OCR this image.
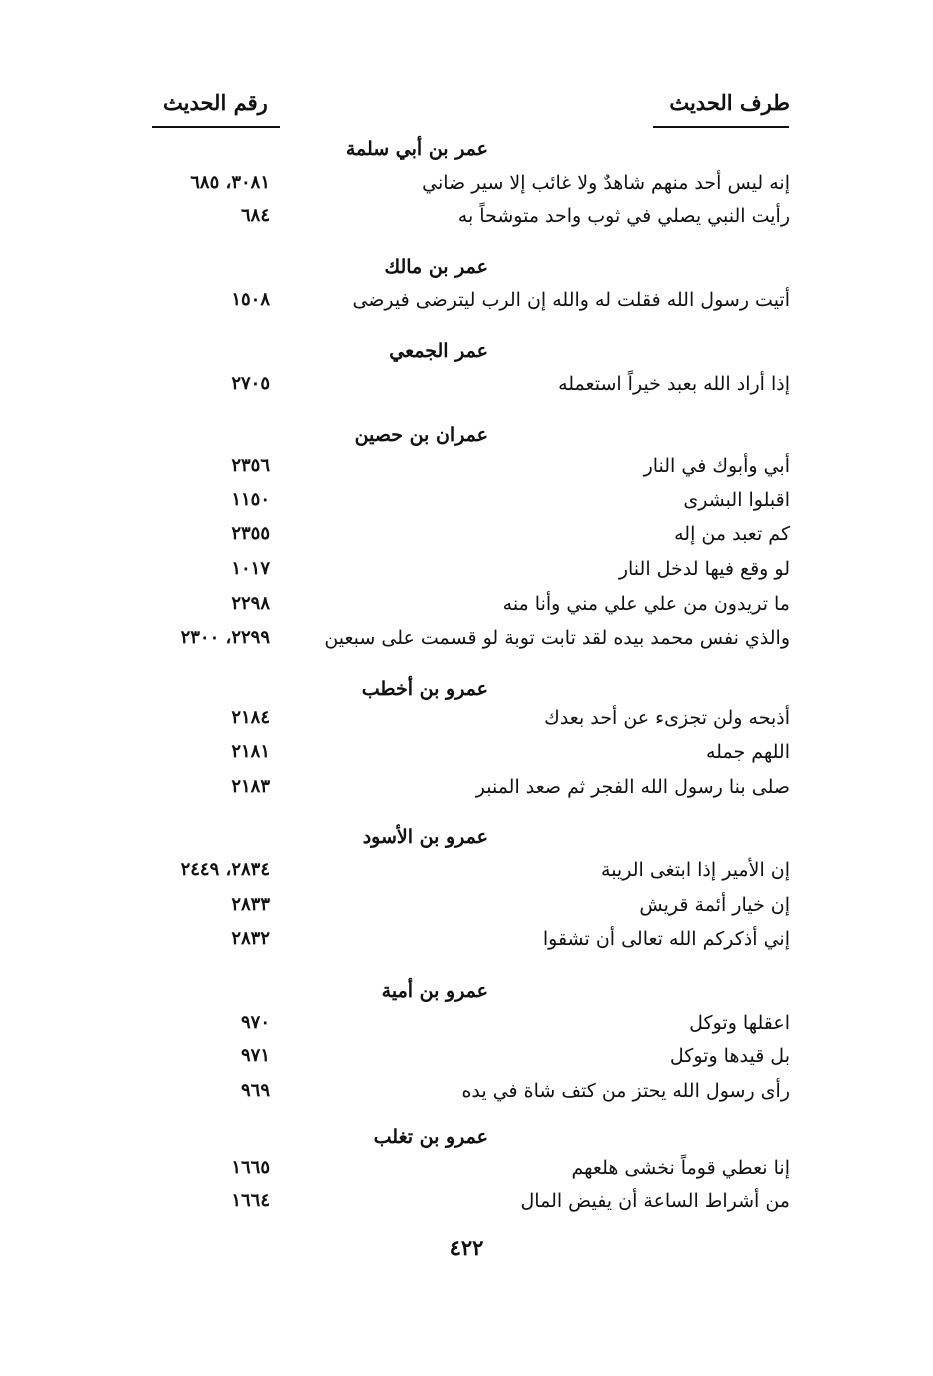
طرف الحديث
رقم الحديث
عمر بن أبي سلمة
إنه ليس أحد منهم شاهدٌ ولا غائب إلا سير ضاني
٣٠٨١، ٦٨٥
رأيت النبي يصلي في ثوب واحد متوشحاً به
٦٨٤
عمر بن مالك
أتيت رسول الله فقلت له والله إن الرب ليترضى فيرضى
١٥٠٨
عمر الجمعي
إذا أراد الله بعبد خيراً استعمله
٢٧٠٥
عمران بن حصين
أبي وأبوك في النار
٢٣٥٦
اقبلوا البشرى
١١٥٠
كم تعبد من إله
٢٣٥٥
لو وقع فيها لدخل النار
١٠١٧
ما تريدون من علي علي مني وأنا منه
٢٢٩٨
والذي نفس محمد بيده لقد تابت توبة لو قسمت على سبعين
٢٢٩٩، ٢٣٠٠
عمرو بن أخطب
أذبحه ولن تجزىء عن أحد بعدك
٢١٨٤
اللهم جمله
٢١٨١
صلى بنا رسول الله الفجر ثم صعد المنبر
٢١٨٣
عمرو بن الأسود
إن الأمير إذا ابتغى الريبة
٢٨٣٤، ٢٤٤٩
إن خيار أئمة قريش
٢٨٣٣
إني أذكركم الله تعالى أن تشقوا
٢٨٣٢
عمرو بن أمية
اعقلها وتوكل
٩٧٠
بل قيدها وتوكل
٩٧١
رأى رسول الله يحتز من كتف شاة في يده
٩٦٩
عمرو بن تغلب
إنا نعطي قوماً نخشى هلعهم
١٦٦٥
من أشراط الساعة أن يفيض المال
١٦٦٤
٤٢٢
